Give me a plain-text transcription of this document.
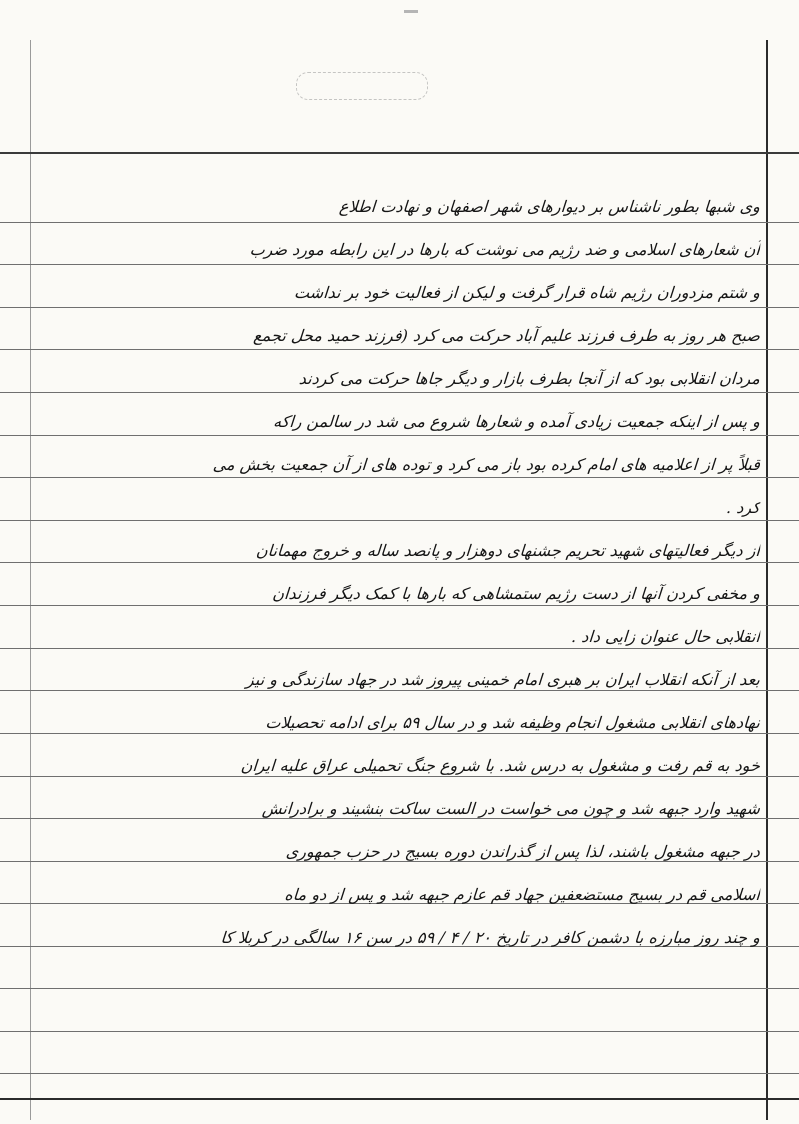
وی شبها بطور ناشناس بر دیوارهای شهر اصفهان و نهادت اطلاع
آن شعارهای اسلامی و ضد رژیم می نوشت که بارها در این رابطه مورد ضرب
و شتم مزدوران رژیم شاه قرار گرفت و لیکن از فعالیت خود بر نداشت
صبح هر روز به طرف فرزند علیم آباد حرکت می کرد (فرزند حمید محل تجمع
مردان انقلابی بود که از آنجا بطرف بازار و دیگر جاها حرکت می کردند
و پس از اینکه جمعیت زیادی آمده و شعارها شروع می شد در سالمن راکه
قبلاً پر از اعلامیه های امام کرده بود باز می کرد و توده های از آن جمعیت بخش می
کرد .
از دیگر فعالیتهای شهید تحریم جشنهای دوهزار و پانصد ساله و خروج مهمانان
و مخفی کردن آنها از دست رژیم ستمشاهی که بارها با کمک دیگر فرزندان
انقلابی حال عنوان زایی داد .
بعد از آنکه انقلاب ایران بر هبری امام خمینی پیروز شد در جهاد سازندگی و نیز
نهادهای انقلابی مشغول انجام وظیفه شد و در سال ۵۹ برای ادامه تحصیلات
خود به قم رفت و مشغول به درس شد. با شروع جنگ تحمیلی عراق علیه ایران
شهید وارد جبهه شد و چون می خواست در الست ساکت بنشیند و برادرانش
در جبهه مشغول باشند، لذا پس از گذراندن دوره بسیج در حزب جمهوری
اسلامی قم در بسیج مستضعفین جهاد قم عازم جبهه شد و پس از دو ماه
و چند روز مبارزه با دشمن کافر در تاریخ ۲۰ / ۴ / ۵۹ در سن ۱۶ سالگی در کربلا کا
